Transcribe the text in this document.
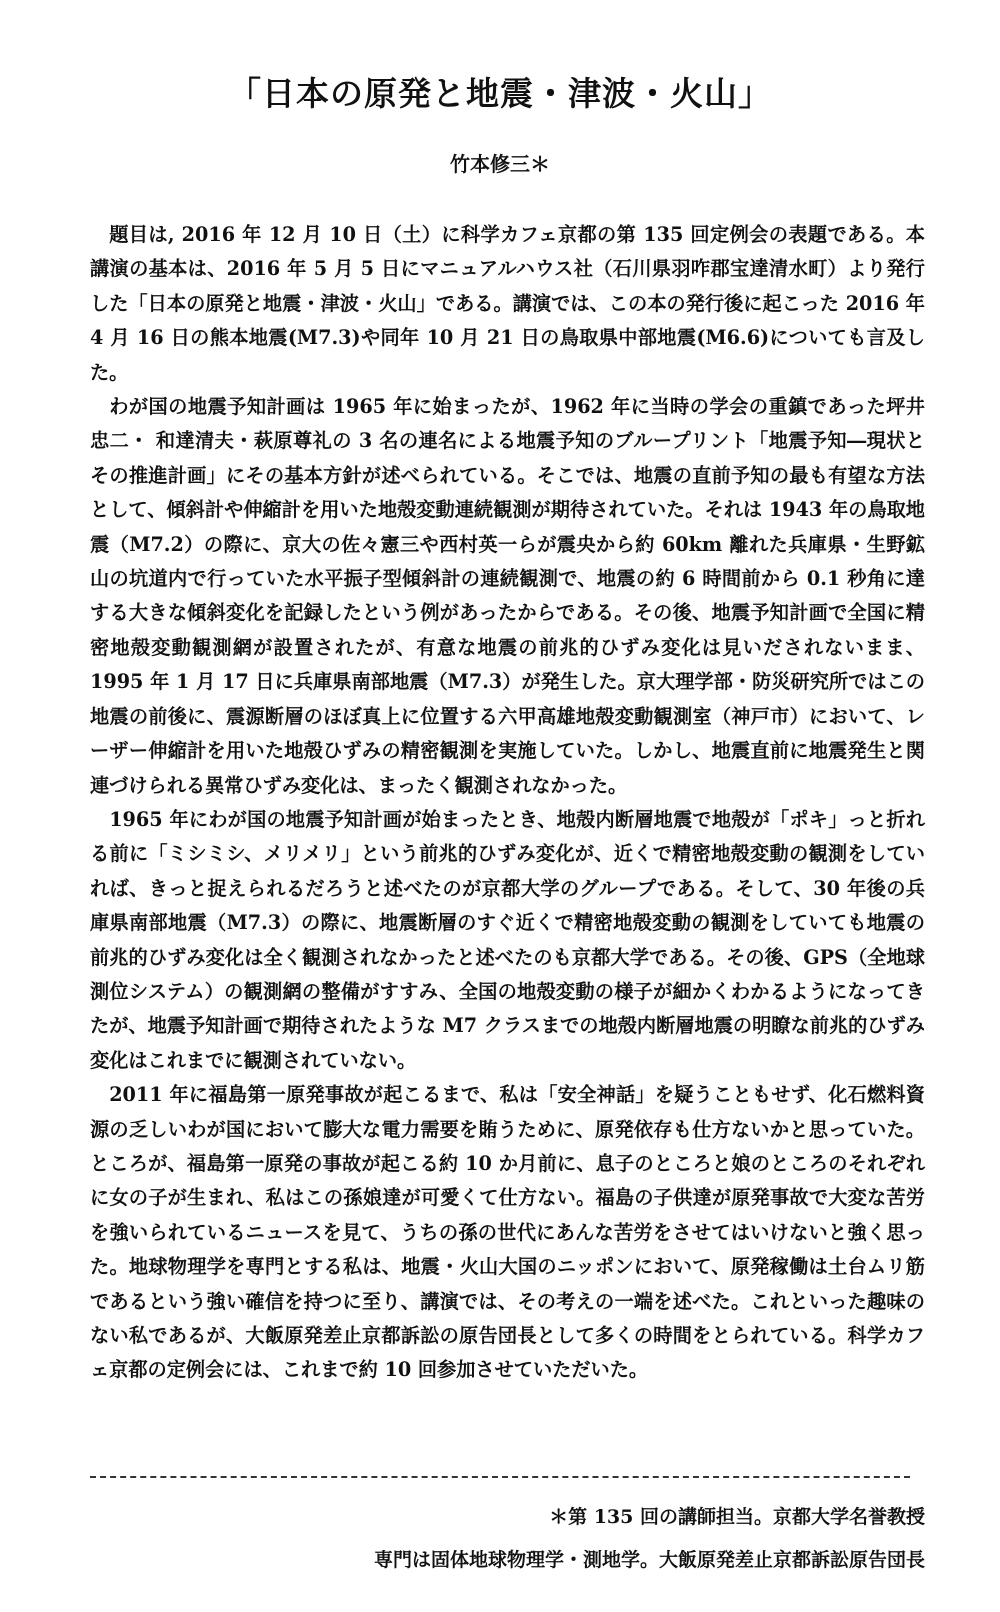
「日本の原発と地震・津波・火山」
竹本修三＊

題目は, 2016 年 12 月 10 日（土）に科学カフェ京都の第 135 回定例会の表題である。本講演の基本は、2016 年 5 月 5 日にマニュアルハウス社（石川県羽咋郡宝達清水町）より発行した「日本の原発と地震・津波・火山」である。講演では、この本の発行後に起こった 2016 年 4 月 16 日の熊本地震(M7.3)や同年 10 月 21 日の鳥取県中部地震(M6.6)についても言及した。

わが国の地震予知計画は 1965 年に始まったが、1962 年に当時の学会の重鎮であった坪井忠二・ 和達清夫・萩原尊礼の 3 名の連名による地震予知のブループリント「地震予知―現状とその推進計画」にその基本方針が述べられている。そこでは、地震の直前予知の最も有望な方法として、傾斜計や伸縮計を用いた地殻変動連続観測が期待されていた。それは 1943 年の鳥取地震（M7.2）の際に、京大の佐々憲三や西村英一らが震央から約 60km 離れた兵庫県・生野鉱山の坑道内で行っていた水平振子型傾斜計の連続観測で、地震の約 6 時間前から 0.1 秒角に達する大きな傾斜変化を記録したという例があったからである。その後、地震予知計画で全国に精密地殻変動観測網が設置されたが、有意な地震の前兆的ひずみ変化は見いだされないまま、1995 年 1 月 17 日に兵庫県南部地震（M7.3）が発生した。京大理学部・防災研究所ではこの地震の前後に、震源断層のほぼ真上に位置する六甲高雄地殻変動観測室（神戸市）において、レーザー伸縮計を用いた地殻ひずみの精密観測を実施していた。しかし、地震直前に地震発生と関連づけられる異常ひずみ変化は、まったく観測されなかった。

1965 年にわが国の地震予知計画が始まったとき、地殻内断層地震で地殻が「ポキ」っと折れる前に「ミシミシ、メリメリ」という前兆的ひずみ変化が、近くで精密地殻変動の観測をしていれば、きっと捉えられるだろうと述べたのが京都大学のグループである。そして、30 年後の兵庫県南部地震（M7.3）の際に、地震断層のすぐ近くで精密地殻変動の観測をしていても地震の前兆的ひずみ変化は全く観測されなかったと述べたのも京都大学である。その後、GPS（全地球測位システム）の観測網の整備がすすみ、全国の地殻変動の様子が細かくわかるようになってきたが、地震予知計画で期待されたような M7 クラスまでの地殻内断層地震の明瞭な前兆的ひずみ変化はこれまでに観測されていない。

2011 年に福島第一原発事故が起こるまで、私は「安全神話」を疑うこともせず、化石燃料資源の乏しいわが国において膨大な電力需要を賄うために、原発依存も仕方ないかと思っていた。ところが、福島第一原発の事故が起こる約 10 か月前に、息子のところと娘のところのそれぞれに女の子が生まれ、私はこの孫娘達が可愛くて仕方ない。福島の子供達が原発事故で大変な苦労を強いられているニュースを見て、うちの孫の世代にあんな苦労をさせてはいけないと強く思った。地球物理学を専門とする私は、地震・火山大国のニッポンにおいて、原発稼働は土台ムリ筋であるという強い確信を持つに至り、講演では、その考えの一端を述べた。これといった趣味のない私であるが、大飯原発差止京都訴訟の原告団長として多くの時間をとられている。科学カフェ京都の定例会には、これまで約 10 回参加させていただいた。

＊第 135 回の講師担当。京都大学名誉教授
専門は固体地球物理学・測地学。大飯原発差止京都訴訟原告団長
